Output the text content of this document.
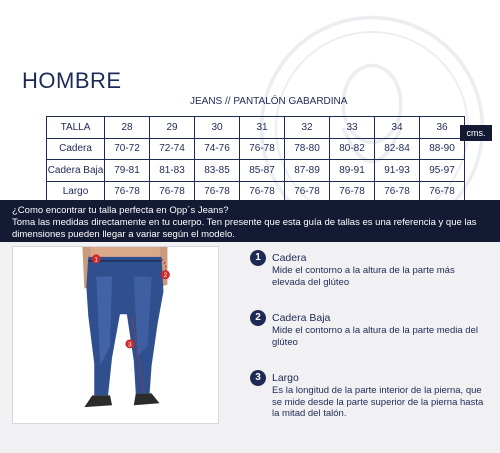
HOMBRE
JEANS // PANTALÓN GABARDINA
TALLA	28	29	30	31	32	33	34	36
Cadera	70-72	72-74	74-76	76-78	78-80	80-82	82-84	88-90
Cadera Baja	79-81	81-83	83-85	85-87	87-89	89-91	91-93	95-97
Largo	76-78	76-78	76-78	76-78	76-78	76-78	76-78	76-78
cms.

¿Como encontrar tu talla perfecta en Opp´s Jeans?

Toma las medidas directamente en tu cuerpo. Ten presente que esta guía de tallas es una referencia y que las dimensiones pueden llegar a variar según el modelo.

1
2
3
1	Cadera
Mide el contorno a la altura de la parte más elevada del glúteo
2	Cadera Baja
Mide el contorno a la altura de la parte media del glúteo
3	Largo
Es la longitud de la parte interior de la pierna, que se mide desde la parte superior de la pierna hasta la mitad del talón.
